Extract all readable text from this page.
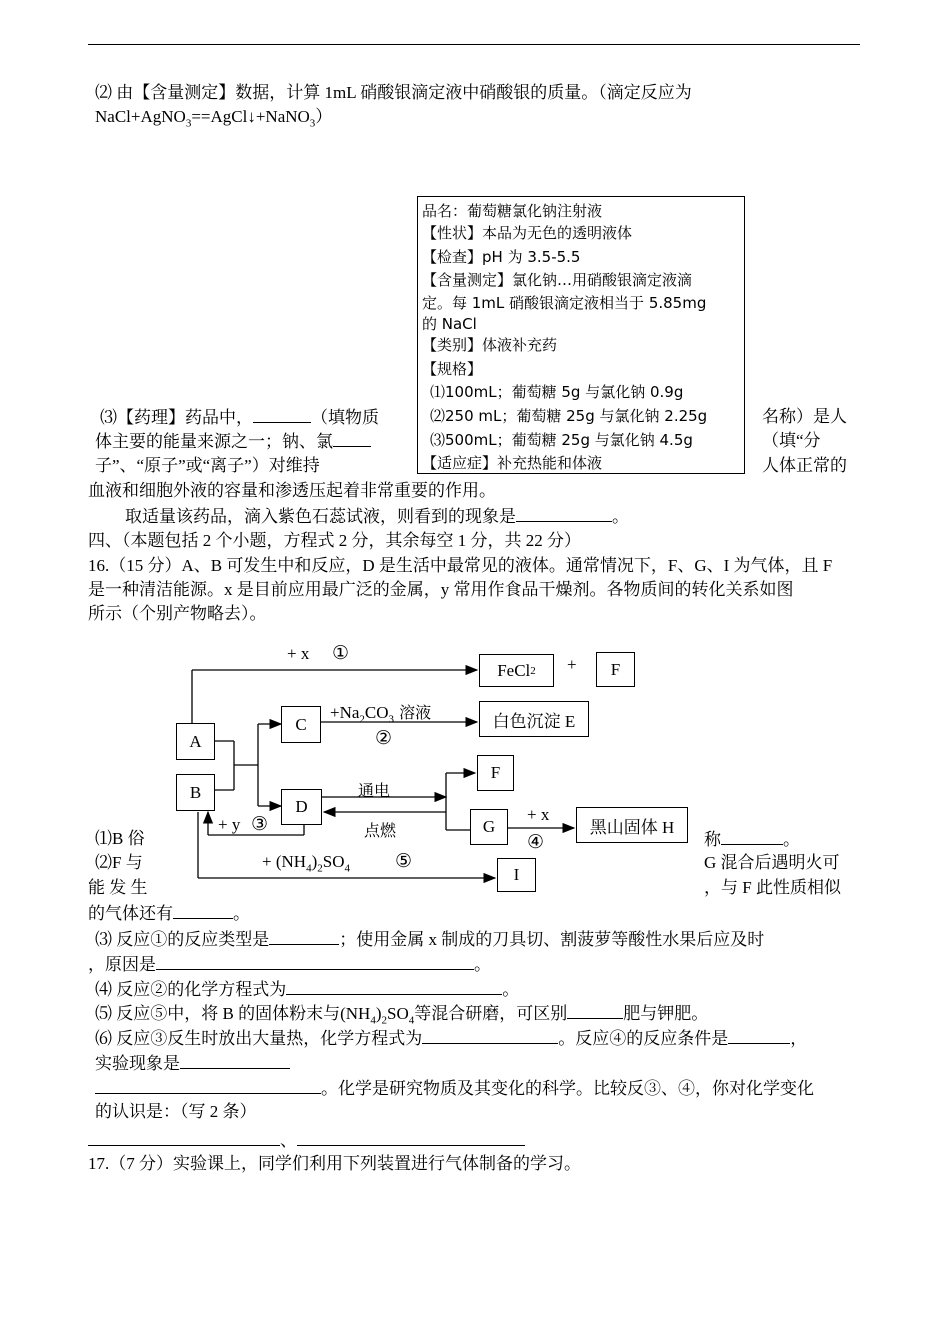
⑵ 由【含量测定】数据，计算 1mL 硝酸银滴定液中硝酸银的质量。（滴定反应为
NaCl+AgNO$_3$==AgCl↓+NaNO$_3$）
品名：葡萄糖氯化钠注射液
【性状】本品为无色的透明液体
【检查】pH 为 3.5-5.5
【含量测定】氯化钠…用硝酸银滴定液滴
定。每 1mL 硝酸银滴定液相当于 5.85mg
的 NaCl
【类别】体液补充药
【规格】
⑴100mL；葡萄糖 5g 与氯化钠 0.9g
⑵250 mL；葡萄糖 25g 与氯化钠 2.25g
⑶500mL；葡萄糖 25g 与氯化钠 4.5g
【适应症】补充热能和体液
⑶【药理】药品中，	（填物质	名称）是人
体主要的能量来源之一；钠、氯	（填“分
子”、“原子”或“离子”）对维持	人体正常的
血液和细胞外液的容量和渗透压起着非常重要的作用。
取适量该药品，滴入紫色石蕊试液，则看到的现象是	。
四、（本题包括 2 个小题，方程式 2 分，其余每空 1 分，共 22 分）
16.（15 分）A、B 可发生中和反应，D 是生活中最常见的液体。通常情况下，F、G、I 为气体，且 F
是一种清洁能源。x 是目前应用最广泛的金属，y 常用作食品干燥剂。各物质间的转化关系如图
所示（个别产物略去）。
A
B
C
D
FeCl 2	F
白色沉淀 E
F
G	黑山固体 H
I
+ x ①
+
$+Na_2CO_3$ 溶液
②
通电
点燃
+ y ③	+ x
④
+ $(NH_4)_2SO_4$ ⑤
⑴B 俗	称	。
⑵F 与	G 混合后遇明火可
能 发 生	，与 F 此性质相似
的气体还有	。
⑶ 反应①的反应类型是	；使用金属 x 制成的刀具切、割菠萝等酸性水果后应及时
，原因是	。
⑷ 反应②的化学方程式为	。
⑸ 反应⑤中，将 B 的固体粉末与$(NH_4)_2SO_4$等混合研磨，可区别	肥与钾肥。
⑹ 反应③反生时放出大量热，化学方程式为	。反应④的反应条件是	，
实验现象是
。化学是研究物质及其变化的科学。比较反③、④，你对化学变化
的认识是：（写 2 条）
、
17.（7 分）实验课上，同学们利用下列装置进行气体制备的学习。
